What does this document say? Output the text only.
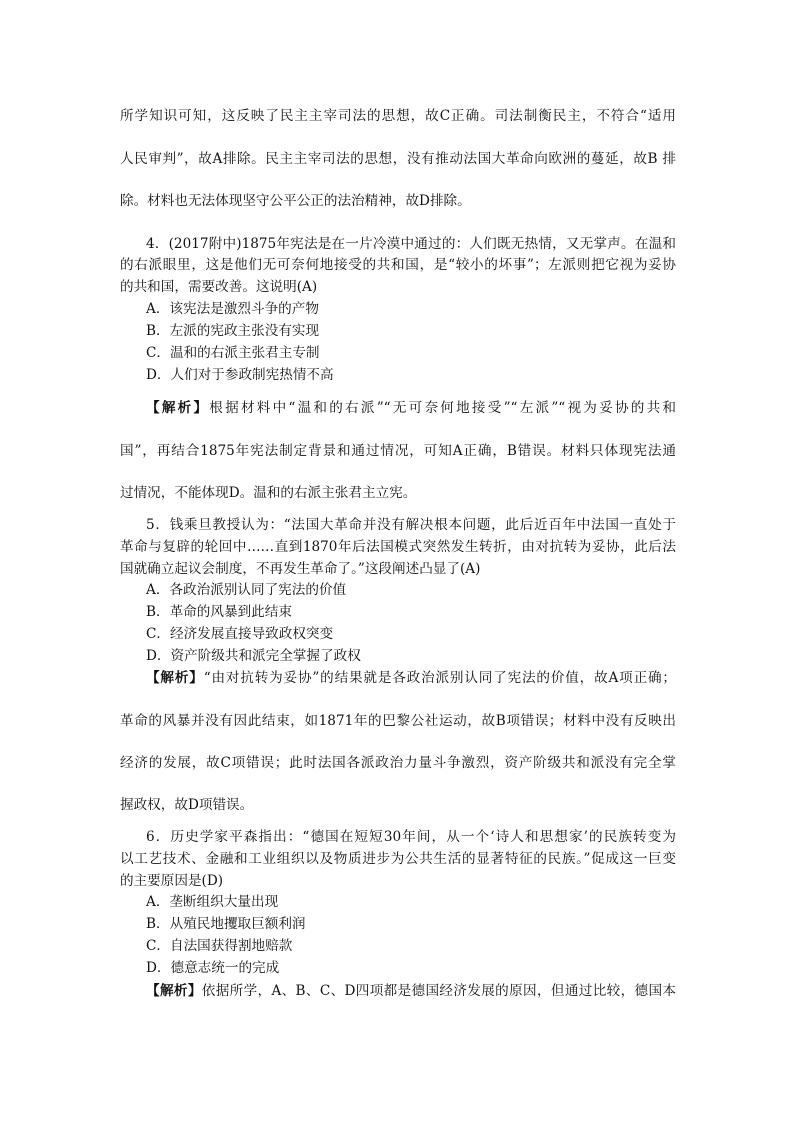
所学知识可知，这反映了民主主宰司法的思想，故C正确。司法制衡民主，不符合“适用
人民审判”，故A排除。民主主宰司法的思想，没有推动法国大革命向欧洲的蔓延，故B 排
除。材料也无法体现坚守公平公正的法治精神，故D排除。
4．(2017附中)1875年宪法是在一片冷漠中通过的：人们既无热情，又无掌声。在温和
的右派眼里，这是他们无可奈何地接受的共和国，是“较小的坏事”；左派则把它视为妥协
的共和国，需要改善。这说明(A)
A．该宪法是激烈斗争的产物
B．左派的宪政主张没有实现
C．温和的右派主张君主专制
D．人们对于参政制宪热情不高
【解析】根据材料中“温和的右派”“无可奈何地接受”“左派”“视为妥协的共和
国”，再结合1875年宪法制定背景和通过情况，可知A正确，B错误。材料只体现宪法通
过情况，不能体现D。温和的右派主张君主立宪。
5．钱乘旦教授认为：“法国大革命并没有解决根本问题，此后近百年中法国一直处于
革命与复辟的轮回中……直到1870年后法国模式突然发生转折，由对抗转为妥协，此后法
国就确立起议会制度，不再发生革命了。”这段阐述凸显了(A)
A．各政治派别认同了宪法的价值
B．革命的风暴到此结束
C．经济发展直接导致政权突变
D．资产阶级共和派完全掌握了政权
【解析】“由对抗转为妥协”的结果就是各政治派别认同了宪法的价值，故A项正确；
革命的风暴并没有因此结束，如1871年的巴黎公社运动，故B项错误；材料中没有反映出
经济的发展，故C项错误；此时法国各派政治力量斗争激烈，资产阶级共和派没有完全掌
握政权，故D项错误。
6．历史学家平森指出：“德国在短短30年间，从一个‘诗人和思想家’的民族转变为
以工艺技术、金融和工业组织以及物质进步为公共生活的显著特征的民族。”促成这一巨变
的主要原因是(D)
A．垄断组织大量出现
B．从殖民地攫取巨额利润
C．自法国获得割地赔款
D．德意志统一的完成
【解析】依据所学，A、B、C、D四项都是德国经济发展的原因，但通过比较，德国本
